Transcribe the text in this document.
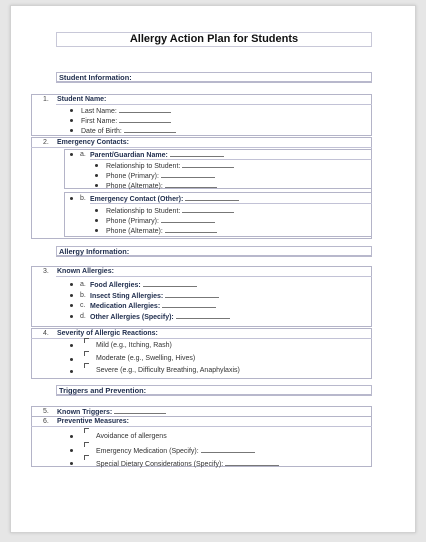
Allergy Action Plan for Students
Student Information:
1. Student Name:
Last Name:
First Name:
Date of Birth:
2. Emergency Contacts:
a. Parent/Guardian Name:
Relationship to Student:
Phone (Primary):
Phone (Alternate):
b. Emergency Contact (Other):
Relationship to Student:
Phone (Primary):
Phone (Alternate):
Allergy Information:
3. Known Allergies:
a. Food Allergies:
b. Insect Sting Allergies:
c. Medication Allergies:
d. Other Allergies (Specify):
4. Severity of Allergic Reactions:
Mild (e.g., Itching, Rash)
Moderate (e.g., Swelling, Hives)
Severe (e.g., Difficulty Breathing, Anaphylaxis)
Triggers and Prevention:
5. Known Triggers:
6. Preventive Measures:
Avoidance of allergens
Emergency Medication (Specify):
Special Dietary Considerations (Specify):
